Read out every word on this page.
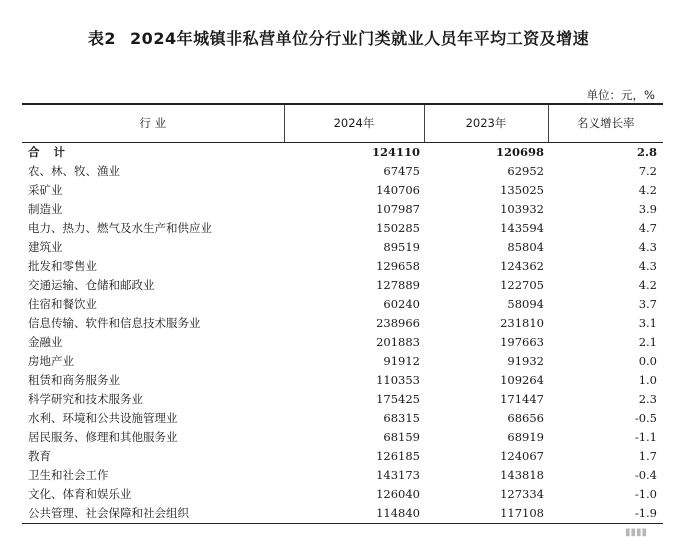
表2 2024年城镇非私营单位分行业门类就业人员年平均工资及增速
单位：元，%
行 业	2024年	2023年	名义增长率
合计	124110	120698	2.8
农、林、牧、渔业	67475	62952	7.2
采矿业	140706	135025	4.2
制造业	107987	103932	3.9
电力、热力、燃气及水生产和供应业	150285	143594	4.7
建筑业	89519	85804	4.3
批发和零售业	129658	124362	4.3
交通运输、仓储和邮政业	127889	122705	4.2
住宿和餐饮业	60240	58094	3.7
信息传输、软件和信息技术服务业	238966	231810	3.1
金融业	201883	197663	2.1
房地产业	91912	91932	0.0
租赁和商务服务业	110353	109264	1.0
科学研究和技术服务业	175425	171447	2.3
水利、环境和公共设施管理业	68315	68656	-0.5
居民服务、修理和其他服务业	68159	68919	-1.1
教育	126185	124067	1.7
卫生和社会工作	143173	143818	-0.4
文化、体育和娱乐业	126040	127334	-1.0
公共管理、社会保障和社会组织	114840	117108	-1.9
▮▮▮▮
